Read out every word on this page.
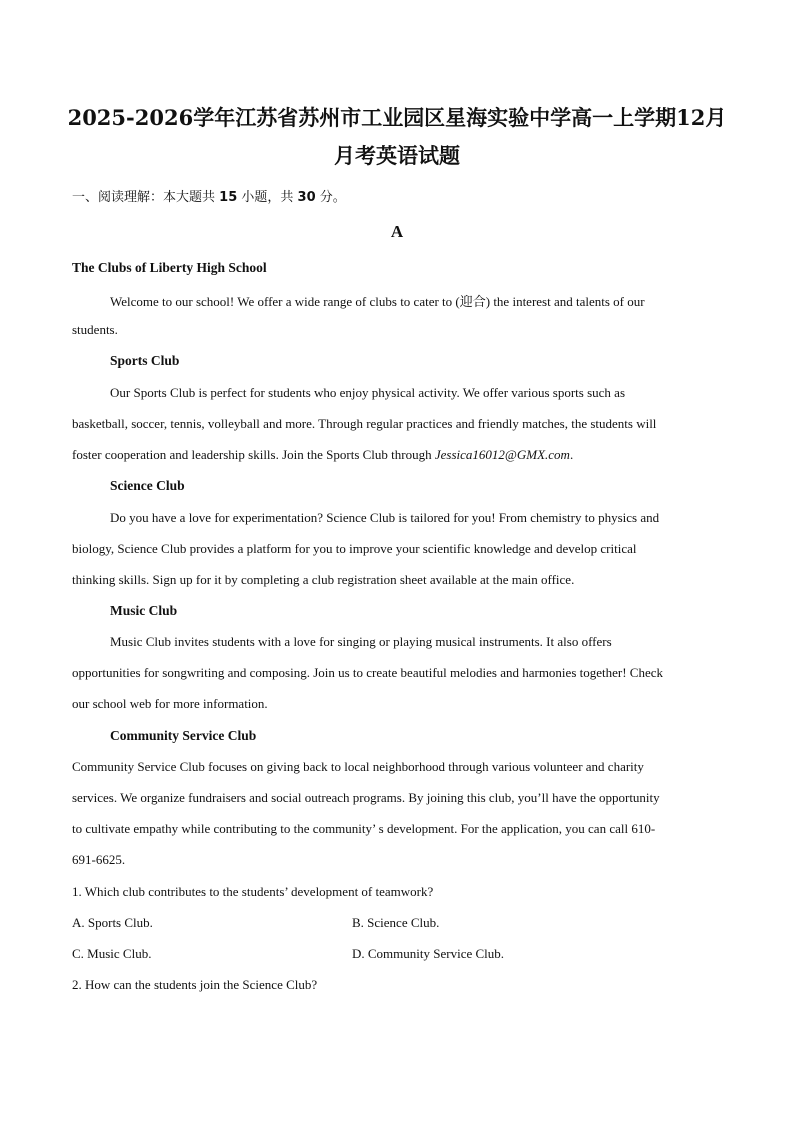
2025-2026学年江苏省苏州市工业园区星海实验中学高一上学期12月
月考英语试题
一、阅读理解：本大题共 15 小题，共 30 分。
A
The Clubs of Liberty High School
Welcome to our school! We offer a wide range of clubs to cater to (迎合) the interest and talents of our
students.
Sports Club
Our Sports Club is perfect for students who enjoy physical activity. We offer various sports such as
basketball, soccer, tennis, volleyball and more. Through regular practices and friendly matches, the students will
foster cooperation and leadership skills. Join the Sports Club through Jessica16012@GMX.com.
Science Club
Do you have a love for experimentation? Science Club is tailored for you! From chemistry to physics and
biology, Science Club provides a platform for you to improve your scientific knowledge and develop critical
thinking skills. Sign up for it by completing a club registration sheet available at the main office.
Music Club
Music Club invites students with a love for singing or playing musical instruments. It also offers
opportunities for songwriting and composing. Join us to create beautiful melodies and harmonies together! Check
our school web for more information.
Community Service Club
Community Service Club focuses on giving back to local neighborhood through various volunteer and charity
services. We organize fundraisers and social outreach programs. By joining this club, you’ll have the opportunity
to cultivate empathy while contributing to the community’ s development. For the application, you can call 610-
691-6625.
1. Which club contributes to the students’ development of teamwork?
A. Sports Club.	B. Science Club.
C. Music Club.	D. Community Service Club.
2. How can the students join the Science Club?
